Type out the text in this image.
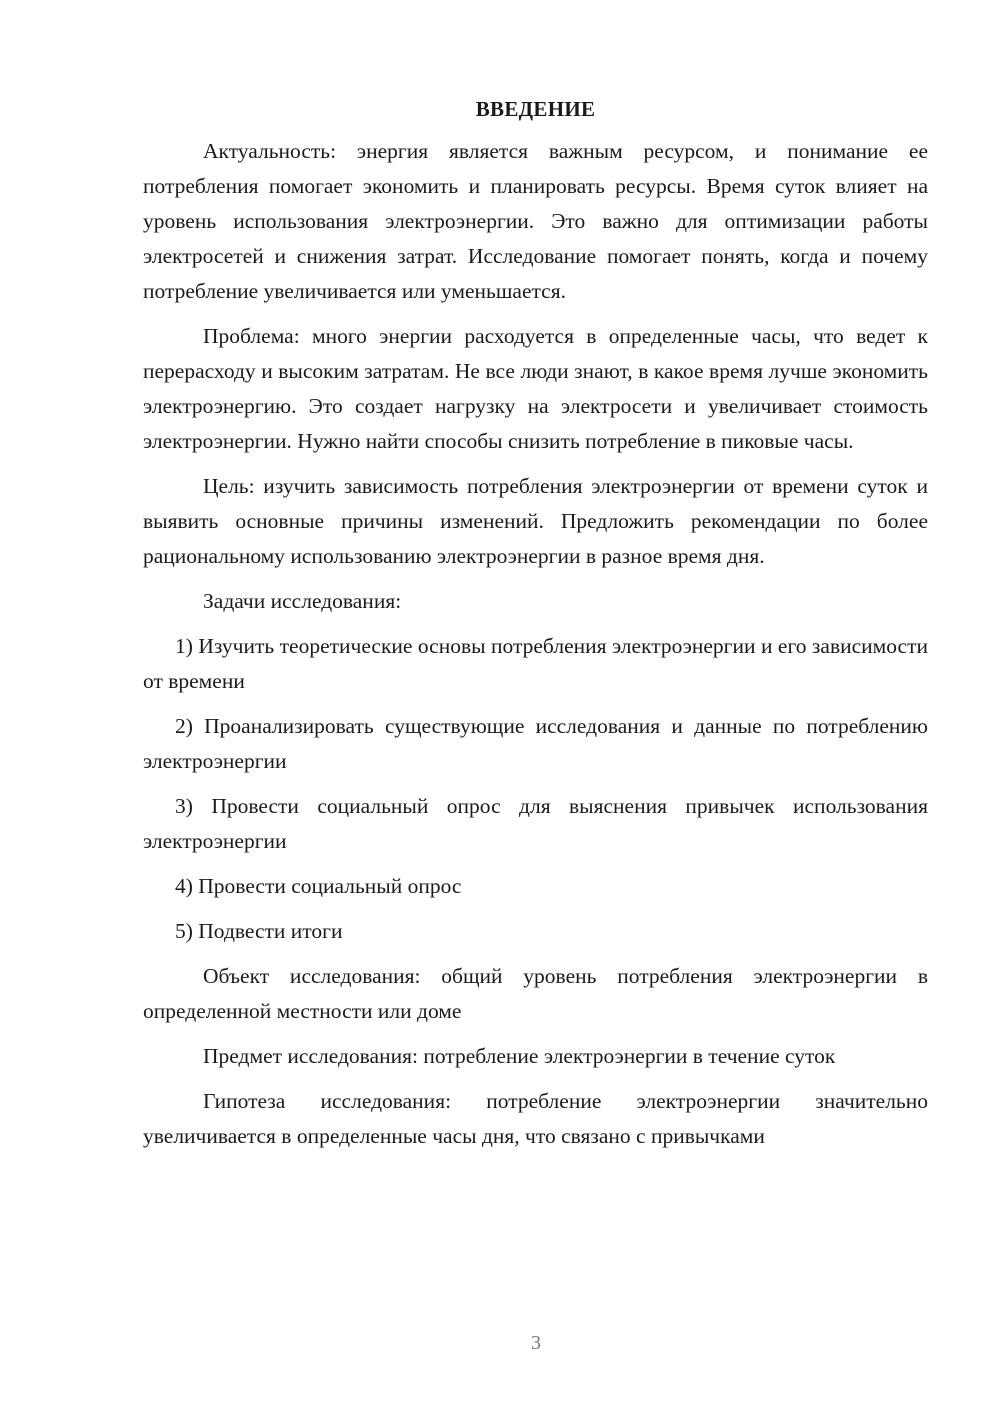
ВВЕДЕНИЕ

Актуальность: энергия является важным ресурсом, и понимание ее потребления помогает экономить и планировать ресурсы. Время суток влияет на уровень использования электроэнергии. Это важно для оптимизации работы электросетей и снижения затрат. Исследование помогает понять, когда и почему потребление увеличивается или уменьшается.

Проблема: много энергии расходуется в определенные часы, что ведет к перерасходу и высоким затратам. Не все люди знают, в какое время лучше экономить электроэнергию. Это создает нагрузку на электросети и увеличивает стоимость электроэнергии. Нужно найти способы снизить потребление в пиковые часы.

Цель: изучить зависимость потребления электроэнергии от времени суток и выявить основные причины изменений. Предложить рекомендации по более рациональному использованию электроэнергии в разное время дня.

Задачи исследования:

1) Изучить теоретические основы потребления электроэнергии и его зависимости от времени

2) Проанализировать существующие исследования и данные по потреблению электроэнергии

3) Провести социальный опрос для выяснения привычек использования электроэнергии

4) Провести социальный опрос

5) Подвести итоги

Объект исследования: общий уровень потребления электроэнергии в определенной местности или доме

Предмет исследования: потребление электроэнергии в течение суток

Гипотеза исследования: потребление электроэнергии значительно увеличивается в определенные часы дня, что связано с привычками

3
